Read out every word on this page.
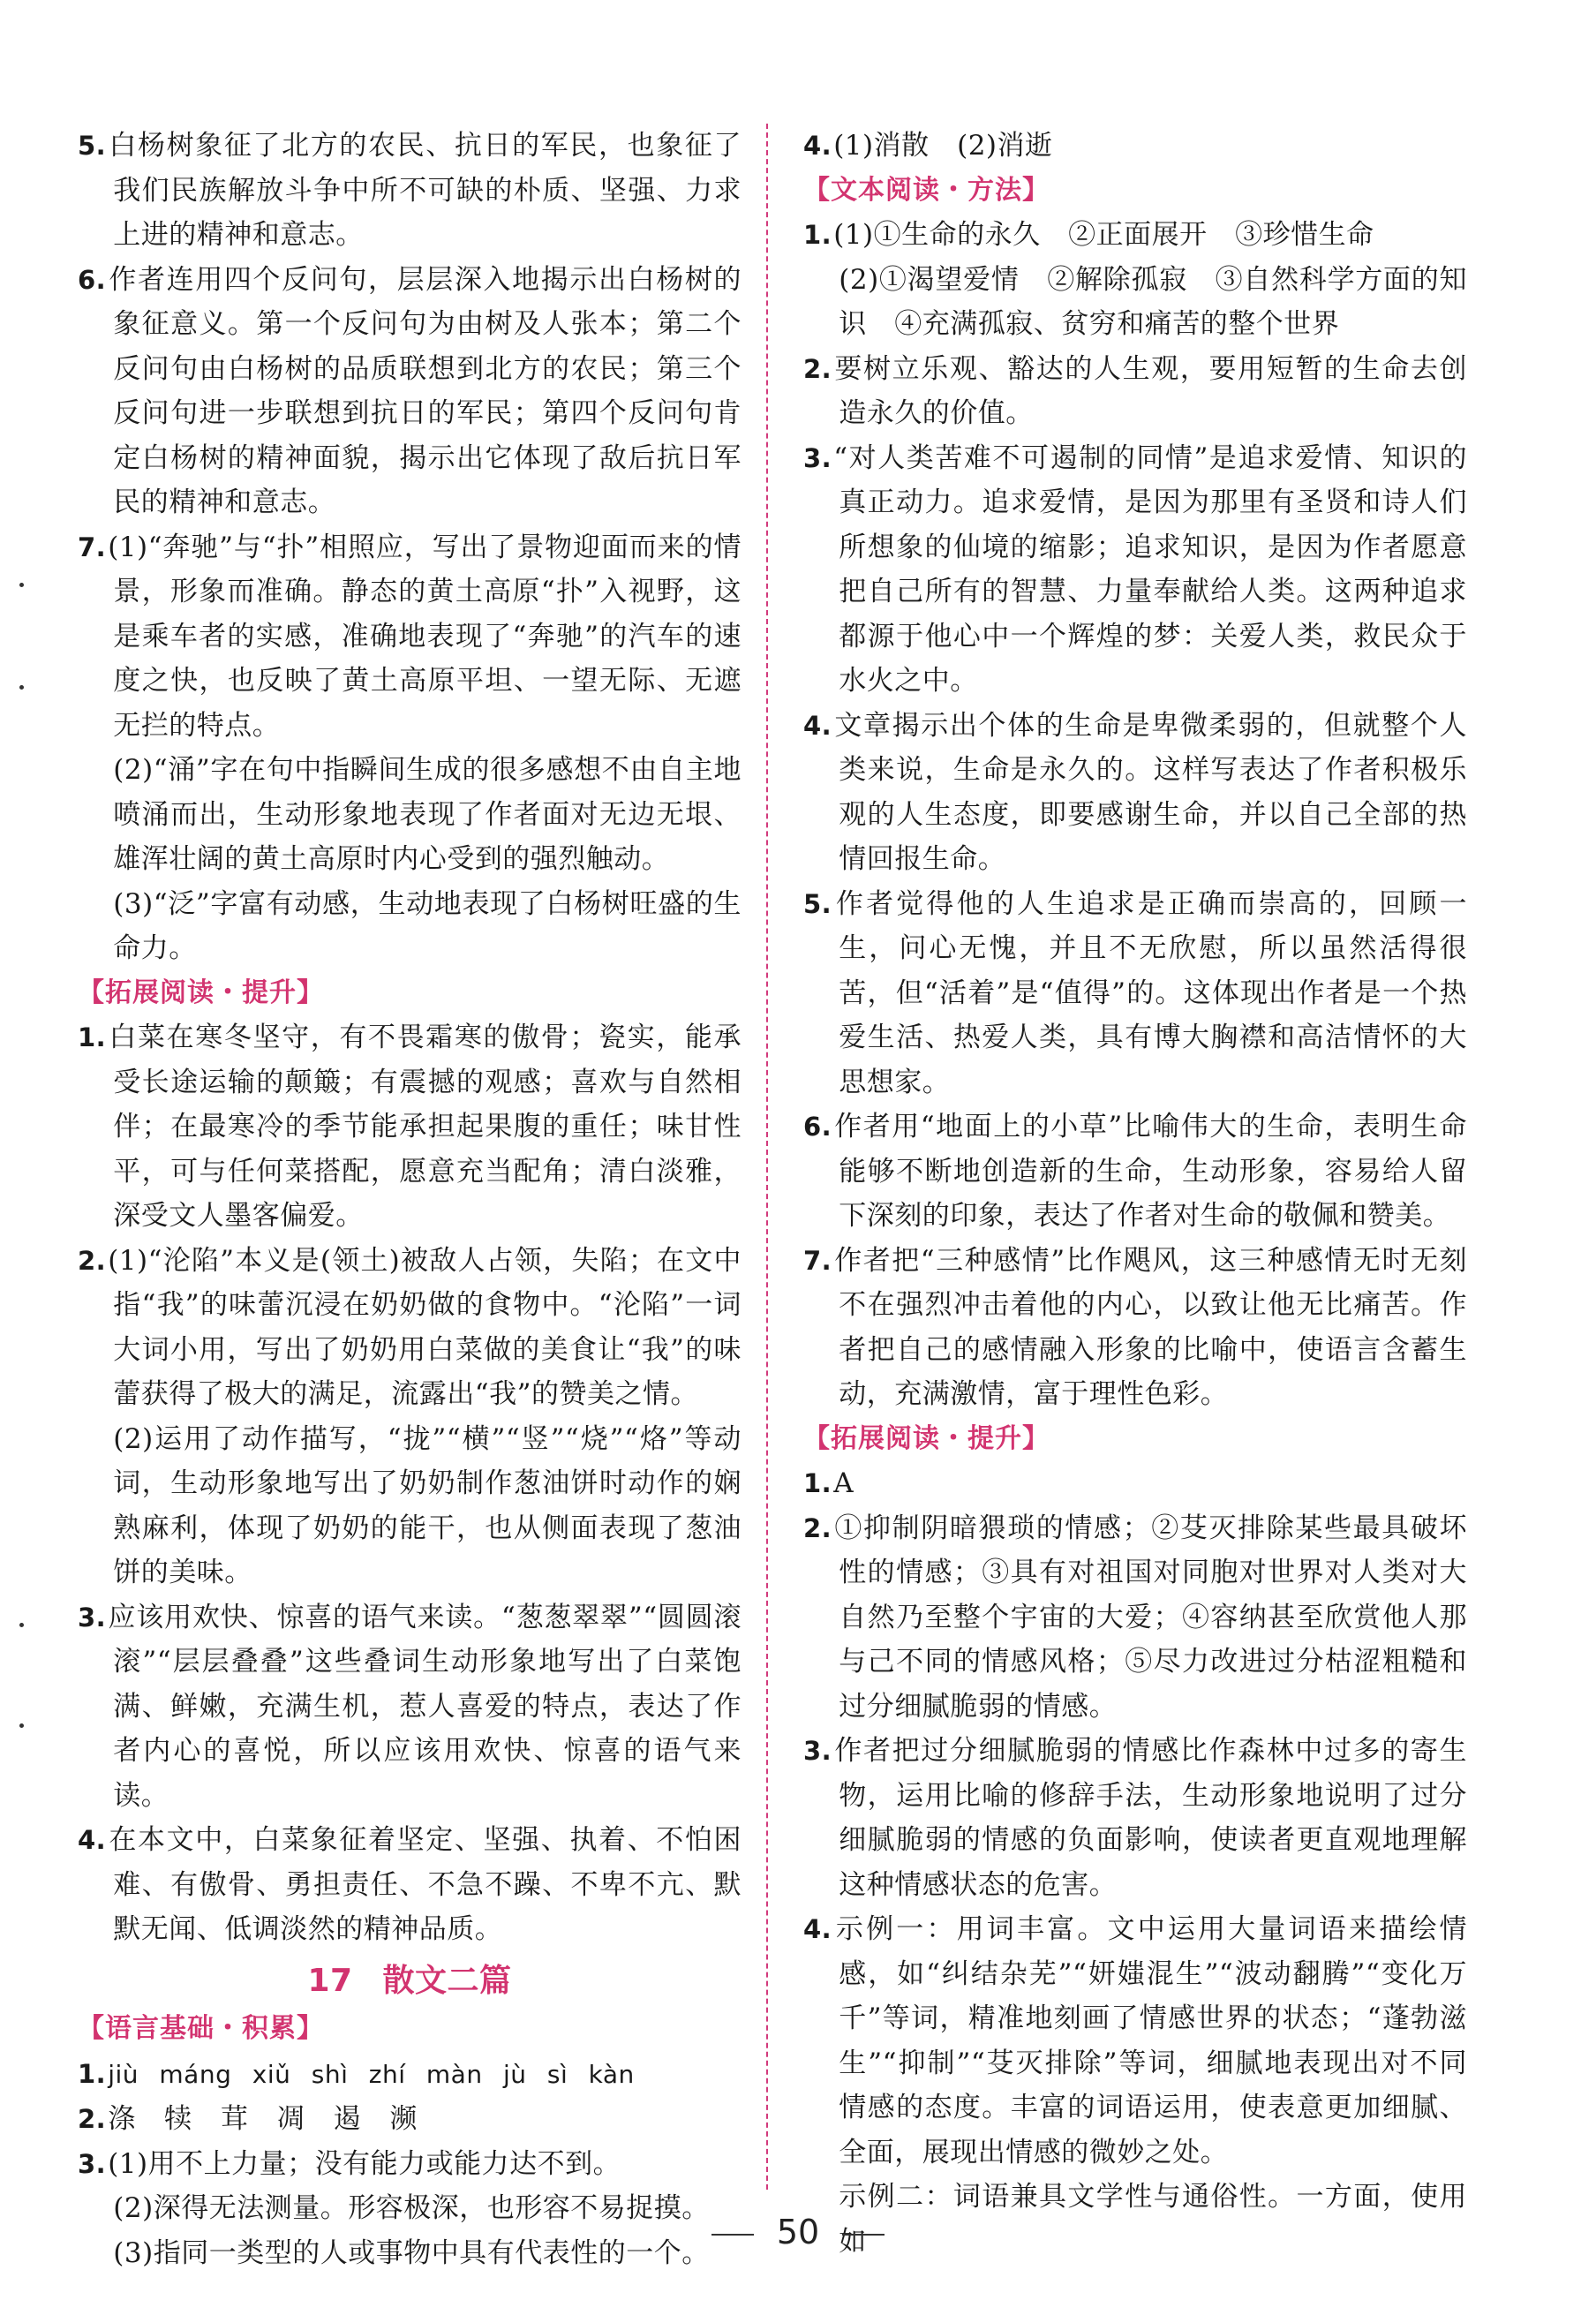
5.白杨树象征了北方的农民、抗日的军民，也象征了我们民族解放斗争中所不可缺的朴质、坚强、力求上进的精神和意志。
6.作者连用四个反问句，层层深入地揭示出白杨树的象征意义。第一个反问句为由树及人张本；第二个反问句由白杨树的品质联想到北方的农民；第三个反问句进一步联想到抗日的军民；第四个反问句肯定白杨树的精神面貌，揭示出它体现了敌后抗日军民的精神和意志。
7.(1)“奔驰”与“扑”相照应，写出了景物迎面而来的情景，形象而准确。静态的黄土高原“扑”入视野，这是乘车者的实感，准确地表现了“奔驰”的汽车的速度之快，也反映了黄土高原平坦、一望无际、无遮无拦的特点。
(2)“涌”字在句中指瞬间生成的很多感想不由自主地喷涌而出，生动形象地表现了作者面对无边无垠、雄浑壮阔的黄土高原时内心受到的强烈触动。
(3)“泛”字富有动感，生动地表现了白杨树旺盛的生命力。
【拓展阅读・提升】
1.白菜在寒冬坚守，有不畏霜寒的傲骨；瓷实，能承受长途运输的颠簸；有震撼的观感；喜欢与自然相伴；在最寒冷的季节能承担起果腹的重任；味甘性平，可与任何菜搭配，愿意充当配角；清白淡雅，深受文人墨客偏爱。
2.(1)“沦陷”本义是(领土)被敌人占领，失陷；在文中指“我”的味蕾沉浸在奶奶做的食物中。“沦陷”一词大词小用，写出了奶奶用白菜做的美食让“我”的味蕾获得了极大的满足，流露出“我”的赞美之情。
(2)运用了动作描写，“拢”“横”“竖”“烧”“烙”等动词，生动形象地写出了奶奶制作葱油饼时动作的娴熟麻利，体现了奶奶的能干，也从侧面表现了葱油饼的美味。
3.应该用欢快、惊喜的语气来读。“葱葱翠翠”“圆圆滚滚”“层层叠叠”这些叠词生动形象地写出了白菜饱满、鲜嫩，充满生机，惹人喜爱的特点，表达了作者内心的喜悦，所以应该用欢快、惊喜的语气来读。
4.在本文中，白菜象征着坚定、坚强、执着、不怕困难、有傲骨、勇担责任、不急不躁、不卑不亢、默默无闻、低调淡然的精神品质。
17 散文二篇
【语言基础・积累】
1.jiù máng xiǔ shì zhí màn jù sì kàn
2.涤 犊 茸 凋 遏 濒
3.(1)用不上力量；没有能力或能力达不到。
(2)深得无法测量。形容极深，也形容不易捉摸。
(3)指同一类型的人或事物中具有代表性的一个。
4.(1)消散　(2)消逝
【文本阅读・方法】
1.(1)①生命的永久　②正面展开　③珍惜生命
(2)①渴望爱情　②解除孤寂　③自然科学方面的知识　④充满孤寂、贫穷和痛苦的整个世界
2.要树立乐观、豁达的人生观，要用短暂的生命去创造永久的价值。
3.“对人类苦难不可遏制的同情”是追求爱情、知识的真正动力。追求爱情，是因为那里有圣贤和诗人们所想象的仙境的缩影；追求知识，是因为作者愿意把自己所有的智慧、力量奉献给人类。这两种追求都源于他心中一个辉煌的梦：关爱人类，救民众于水火之中。
4.文章揭示出个体的生命是卑微柔弱的，但就整个人类来说，生命是永久的。这样写表达了作者积极乐观的人生态度，即要感谢生命，并以自己全部的热情回报生命。
5.作者觉得他的人生追求是正确而崇高的，回顾一生，问心无愧，并且不无欣慰，所以虽然活得很苦，但“活着”是“值得”的。这体现出作者是一个热爱生活、热爱人类，具有博大胸襟和高洁情怀的大思想家。
6.作者用“地面上的小草”比喻伟大的生命，表明生命能够不断地创造新的生命，生动形象，容易给人留下深刻的印象，表达了作者对生命的敬佩和赞美。
7.作者把“三种感情”比作飓风，这三种感情无时无刻不在强烈冲击着他的内心，以致让他无比痛苦。作者把自己的感情融入形象的比喻中，使语言含蓄生动，充满激情，富于理性色彩。
【拓展阅读・提升】
1.A
2.①抑制阴暗猥琐的情感；②芟灭排除某些最具破坏性的情感；③具有对祖国对同胞对世界对人类对大自然乃至整个宇宙的大爱；④容纳甚至欣赏他人那与己不同的情感风格；⑤尽力改进过分枯涩粗糙和过分细腻脆弱的情感。
3.作者把过分细腻脆弱的情感比作森林中过多的寄生物，运用比喻的修辞手法，生动形象地说明了过分细腻脆弱的情感的负面影响，使读者更直观地理解这种情感状态的危害。
4.示例一：用词丰富。文中运用大量词语来描绘情感，如“纠结杂芜”“妍媸混生”“波动翻腾”“变化万千”等词，精准地刻画了情感世界的状态；“蓬勃滋生”“抑制”“芟灭排除”等词，细腻地表现出对不同情感的态度。丰富的词语运用，使表意更加细腻、全面，展现出情感的微妙之处。
示例二：词语兼具文学性与通俗性。一方面，使用如
50
